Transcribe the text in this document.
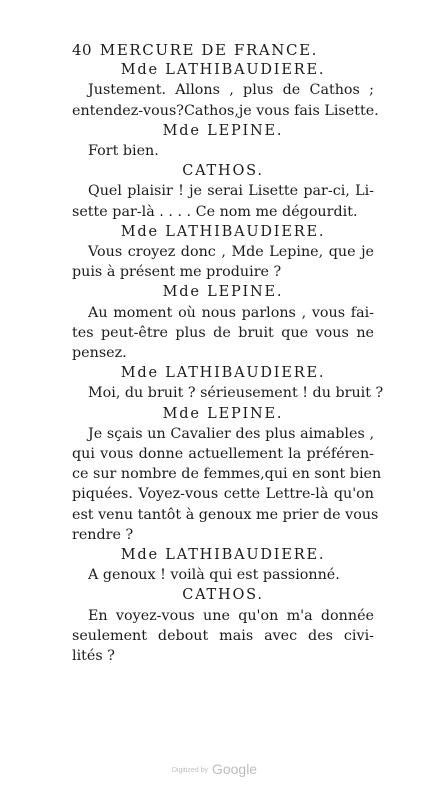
40 MERCURE DE FRANCE.
Mde LATHIBAUDIERE.
Justement. Allons , plus de Cathos ;
entendez-vous?Cathos,je vous fais Lisette.
Mde LEPINE.
Fort bien.
CATHOS.
Quel plaisir ! je serai Lisette par-ci, Li-
sette par-là . . . . Ce nom me dégourdit.
Mde LATHIBAUDIERE.
Vous croyez donc , Mde Lepine, que je
puis à présent me produire ?
Mde LEPINE.
Au moment où nous parlons , vous fai-
tes peut-être plus de bruit que vous ne
pensez.
Mde LATHIBAUDIERE.
Moi, du bruit ? sérieusement ! du bruit ?
Mde LEPINE.
Je sçais un Cavalier des plus aimables ,
qui vous donne actuellement la préféren-
ce sur nombre de femmes,qui en sont bien
piquées. Voyez-vous cette Lettre-là qu'on
est venu tantôt à genoux me prier de vous
rendre ?
Mde LATHIBAUDIERE.
A genoux ! voilà qui est passionné.
CATHOS.
En voyez-vous une qu'on m'a donnée
seulement debout mais avec des civi-
lités ?
Digitized by Google
